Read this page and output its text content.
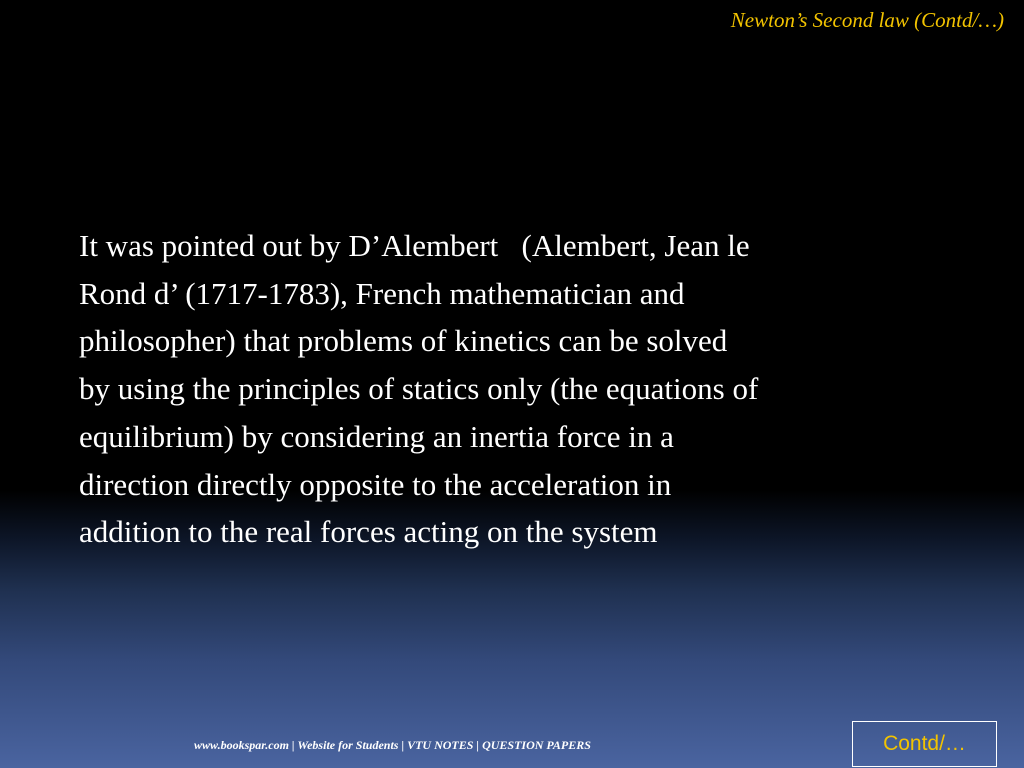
Newton’s Second law (Contd/…)

It was pointed out by D’Alembert   (Alembert, Jean le
Rond d’ (1717-1783), French mathematician and
philosopher) that problems of kinetics can be solved
by using the principles of statics only (the equations of
equilibrium) by considering an inertia force in a
direction directly opposite to the acceleration in
addition to the real forces acting on the system

www.bookspar.com | Website for Students | VTU NOTES | QUESTION PAPERS	Contd/…
